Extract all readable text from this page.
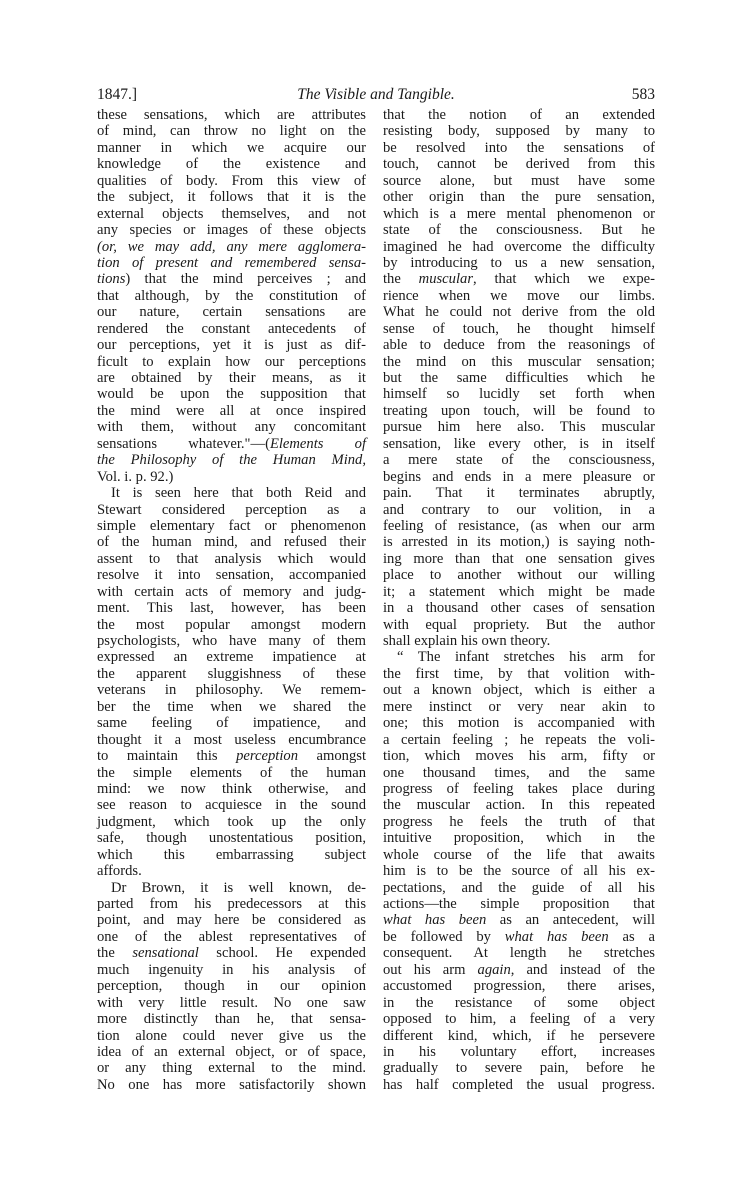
1847.]	The Visible and Tangible.	583
these sensations, which are attributes
of mind, can throw no light on the
manner in which we acquire our
knowledge of the existence and
qualities of body. From this view of
the subject, it follows that it is the
external objects themselves, and not
any species or images of these objects
(or, we may add, any mere agglomera-
tion of present and remembered sensa-
tions) that the mind perceives ; and
that although, by the constitution of
our nature, certain sensations are
rendered the constant antecedents of
our perceptions, yet it is just as dif-
ficult to explain how our perceptions
are obtained by their means, as it
would be upon the supposition that
the mind were all at once inspired
with them, without any concomitant
sensations whatever."—(Elements of
the Philosophy of the Human Mind,
Vol. i. p. 92.)
It is seen here that both Reid and
Stewart considered perception as a
simple elementary fact or phenomenon
of the human mind, and refused their
assent to that analysis which would
resolve it into sensation, accompanied
with certain acts of memory and judg-
ment. This last, however, has been
the most popular amongst modern
psychologists, who have many of them
expressed an extreme impatience at
the apparent sluggishness of these
veterans in philosophy. We remem-
ber the time when we shared the
same feeling of impatience, and
thought it a most useless encumbrance
to maintain this perception amongst
the simple elements of the human
mind: we now think otherwise, and
see reason to acquiesce in the sound
judgment, which took up the only
safe, though unostentatious position,
which this embarrassing subject
affords.
Dr Brown, it is well known, de-
parted from his predecessors at this
point, and may here be considered as
one of the ablest representatives of
the sensational school. He expended
much ingenuity in his analysis of
perception, though in our opinion
with very little result. No one saw
more distinctly than he, that sensa-
tion alone could never give us the
idea of an external object, or of space,
or any thing external to the mind.
No one has more satisfactorily shown
that the notion of an extended
resisting body, supposed by many to
be resolved into the sensations of
touch, cannot be derived from this
source alone, but must have some
other origin than the pure sensation,
which is a mere mental phenomenon or
state of the consciousness. But he
imagined he had overcome the difficulty
by introducing to us a new sensation,
the muscular, that which we expe-
rience when we move our limbs.
What he could not derive from the old
sense of touch, he thought himself
able to deduce from the reasonings of
the mind on this muscular sensation;
but the same difficulties which he
himself so lucidly set forth when
treating upon touch, will be found to
pursue him here also. This muscular
sensation, like every other, is in itself
a mere state of the consciousness,
begins and ends in a mere pleasure or
pain. That it terminates abruptly,
and contrary to our volition, in a
feeling of resistance, (as when our arm
is arrested in its motion,) is saying noth-
ing more than that one sensation gives
place to another without our willing
it; a statement which might be made
in a thousand other cases of sensation
with equal propriety. But the author
shall explain his own theory.
“ The infant stretches his arm for
the first time, by that volition with-
out a known object, which is either a
mere instinct or very near akin to
one; this motion is accompanied with
a certain feeling ; he repeats the voli-
tion, which moves his arm, fifty or
one thousand times, and the same
progress of feeling takes place during
the muscular action. In this repeated
progress he feels the truth of that
intuitive proposition, which in the
whole course of the life that awaits
him is to be the source of all his ex-
pectations, and the guide of all his
actions—the simple proposition that
what has been as an antecedent, will
be followed by what has been as a
consequent. At length he stretches
out his arm again, and instead of the
accustomed progression, there arises,
in the resistance of some object
opposed to him, a feeling of a very
different kind, which, if he persevere
in his voluntary effort, increases
gradually to severe pain, before he
has half completed the usual progress.
